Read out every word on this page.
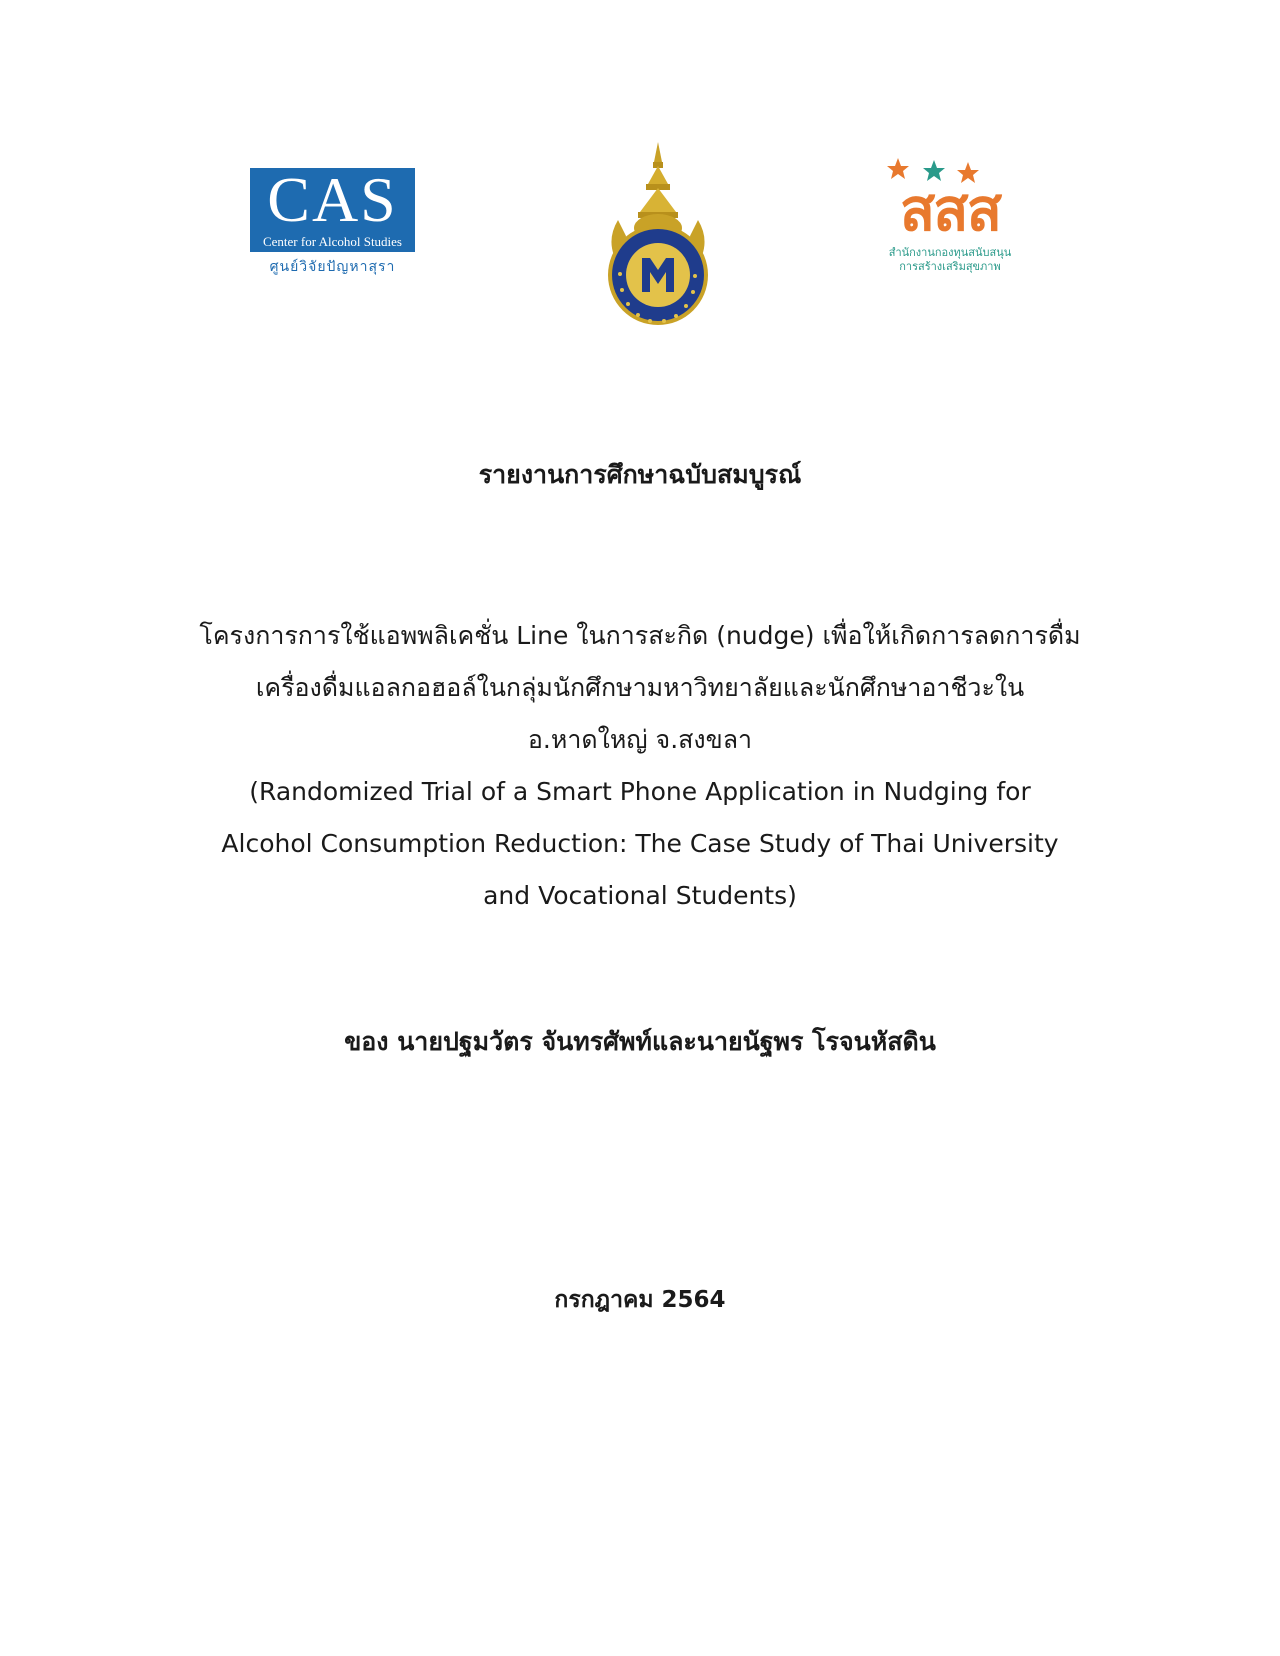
CAS
Center for Alcohol Studies
ศูนย์วิจัยปัญหาสุรา
สสส
สำนักงานกองทุนสนับสนุน
การสร้างเสริมสุขภาพ
รายงานการศึกษาฉบับสมบูรณ์
โครงการการใช้แอพพลิเคชั่น Line ในการสะกิด (nudge) เพื่อให้เกิดการลดการดื่ม
เครื่องดื่มแอลกอฮอล์ในกลุ่มนักศึกษามหาวิทยาลัยและนักศึกษาอาชีวะใน
อ.หาดใหญ่ จ.สงขลา
(Randomized Trial of a Smart Phone Application in Nudging for
Alcohol Consumption Reduction: The Case Study of Thai University
and Vocational Students)
ของ นายปฐมวัตร จันทรศัพท์และนายนัฐพร โรจนหัสดิน
กรกฎาคม 2564
